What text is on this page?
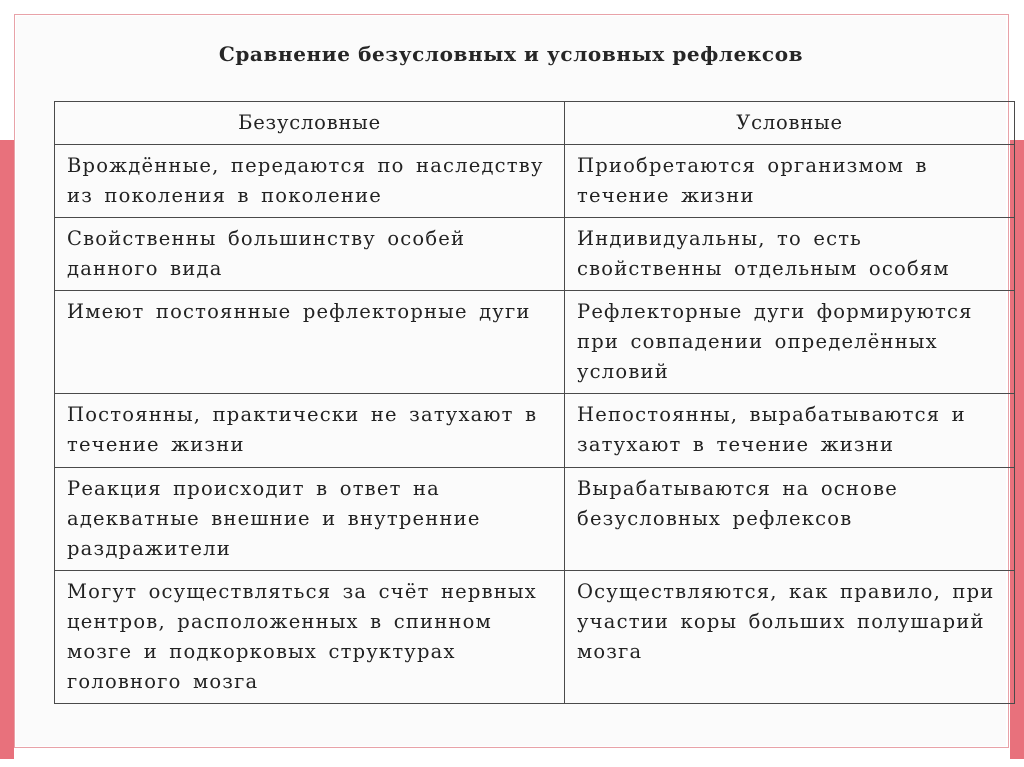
Сравнение безусловных и условных рефлексов
Безусловные	Условные
Врождённые, передаются по наследству из поколения в поколение	Приобретаются организмом в течение жизни
Свойственны большинству особей данного вида	Индивидуальны, то есть свойственны отдельным особям
Имеют постоянные рефлекторные дуги	Рефлекторные дуги формируются при совпадении определённых условий
Постоянны, практически не затухают в течение жизни	Непостоянны, вырабатываются и затухают в течение жизни
Реакция происходит в ответ на адекватные внешние и внутренние раздражители	Вырабатываются на основе безусловных рефлексов
Могут осуществляться за счёт нервных центров, расположенных в спинном мозге и подкорковых структурах головного мозга	Осуществляются, как правило, при участии коры больших полушарий мозга
